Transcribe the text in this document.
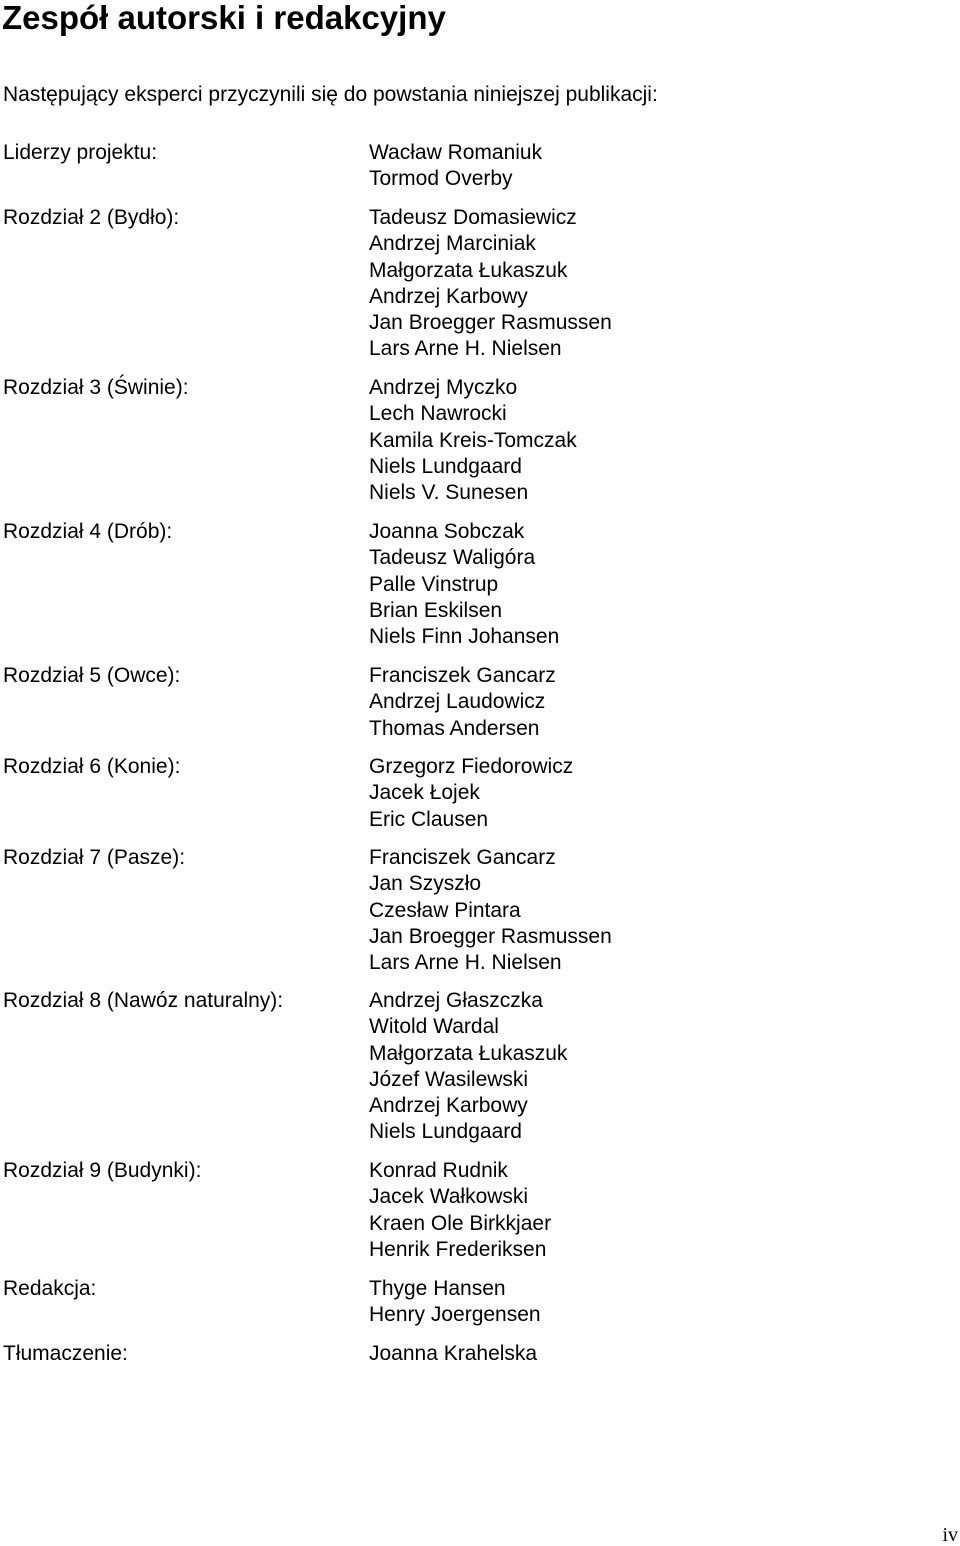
Zespół autorski i redakcyjny

Następujący eksperci przyczynili się do powstania niniejszej publikacji:

Liderzy projektu:	Wacław Romaniuk
Tormod Overby
Rozdział 2 (Bydło):	Tadeusz Domasiewicz
Andrzej Marciniak
Małgorzata Łukaszuk
Andrzej Karbowy
Jan Broegger Rasmussen
Lars Arne H. Nielsen
Rozdział 3 (Świnie):	Andrzej Myczko
Lech Nawrocki
Kamila Kreis-Tomczak
Niels Lundgaard
Niels V. Sunesen
Rozdział 4 (Drób):	Joanna Sobczak
Tadeusz Waligóra
Palle Vinstrup
Brian Eskilsen
Niels Finn Johansen
Rozdział 5 (Owce):	Franciszek Gancarz
Andrzej Laudowicz
Thomas Andersen
Rozdział 6 (Konie):	Grzegorz Fiedorowicz
Jacek Łojek
Eric Clausen
Rozdział 7 (Pasze):	Franciszek Gancarz
Jan Szyszło
Czesław Pintara
Jan Broegger Rasmussen
Lars Arne H. Nielsen
Rozdział 8 (Nawóz naturalny):	Andrzej Głaszczka
Witold Wardal
Małgorzata Łukaszuk
Józef Wasilewski
Andrzej Karbowy
Niels Lundgaard
Rozdział 9 (Budynki):	Konrad Rudnik
Jacek Wałkowski
Kraen Ole Birkkjaer
Henrik Frederiksen
Redakcja:	Thyge Hansen
Henry Joergensen
Tłumaczenie:	Joanna Krahelska
iv
